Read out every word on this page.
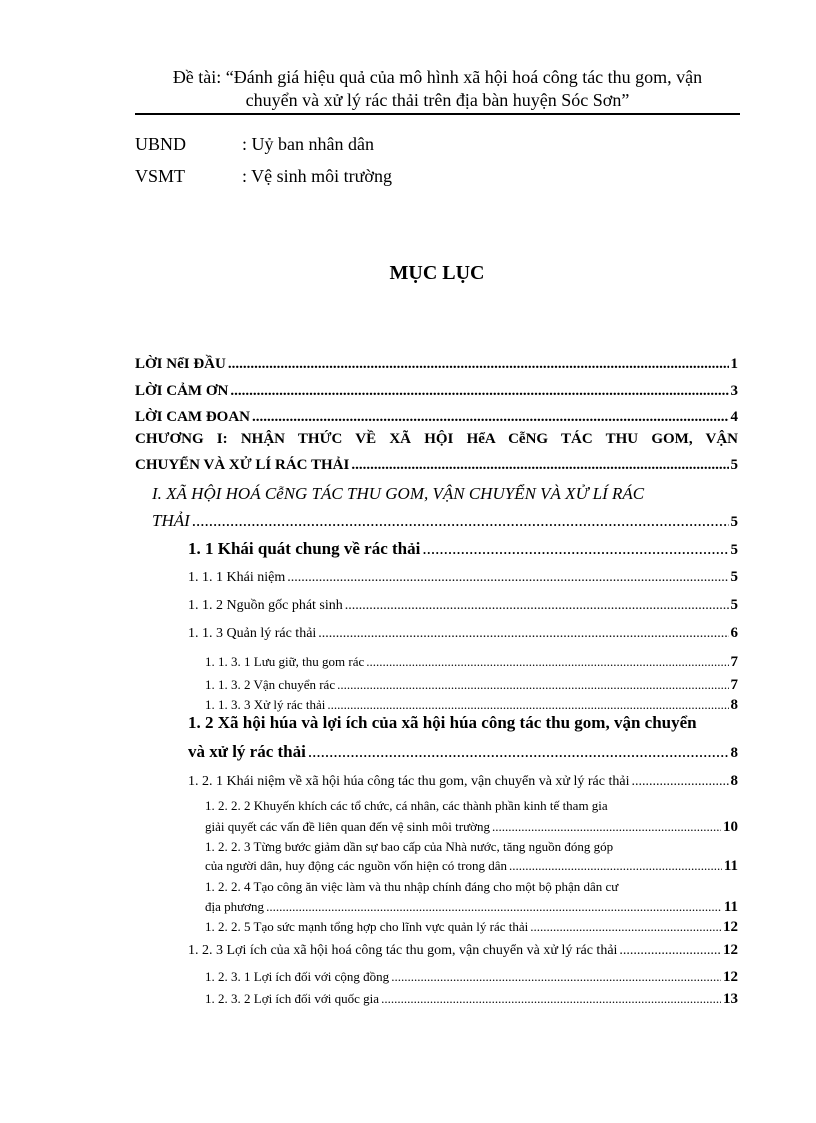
Đề tài: “Đánh giá hiệu quả của mô hình xã hội hoá công tác thu gom, vận
chuyển và xử lý rác thải trên địa bàn huyện Sóc Sơn”
UBND	: Uỷ ban nhân dân
VSMT	: Vệ sinh môi trường
MỤC LỤC
LỜI NểI ĐẦU .....	1
LỜI CẢM ƠN .....	3
LỜI CAM ĐOAN .....	4
CHƯƠNG I: NHẬN THỨC VỀ XÃ HỘI HểA CễNG TÁC THU GOM, VẬN
CHUYỂN VÀ XỬ LÍ RÁC THẢI .....	5
I. XÃ HỘI HOÁ CễNG TÁC THU GOM, VẬN CHUYỂN VÀ XỬ LÍ RÁC
THẢI .....	5
1. 1 Khái quát chung về rác thải .....	5
1. 1. 1 Khái niệm .....	5
1. 1. 2 Nguồn gốc phát sinh .....	5
1. 1. 3 Quản lý rác thải .....	6
1. 1. 3. 1 Lưu giữ, thu gom rác .....	7
1. 1. 3. 2 Vận chuyển rác .....	7
1. 1. 3. 3 Xử lý rác thải .....	8
1. 2 Xã hội húa và lợi ích của xã hội húa công tác thu gom, vận chuyển
và xử lý rác thải .....	8
1. 2. 1 Khái niệm về xã hội húa công tác thu gom, vận chuyển và xử lý rác thải .....	8
1. 2. 2. 2 Khuyến khích các tổ chức, cá nhân, các thành phần kinh tế tham gia
giải quyết các vấn đề liên quan đến vệ sinh môi trường .....	10
1. 2. 2. 3 Từng bước giảm dần sự bao cấp của Nhà nước, tăng nguồn đóng góp
của người dân, huy động các nguồn vốn hiện có trong dân .....	11
1. 2. 2. 4 Tạo công ăn việc làm và thu nhập chính đáng cho một bộ phận dân cư
địa phương .....	11
1. 2. 2. 5 Tạo sức mạnh tổng hợp cho lĩnh vực quản lý rác thải .....	12
1. 2. 3 Lợi ích của xã hội hoá công tác thu gom, vận chuyển và xử lý rác thải .....	12
1. 2. 3. 1 Lợi ích đối với cộng đồng .....	12
1. 2. 3. 2 Lợi ích đối với quốc gia .....	13
